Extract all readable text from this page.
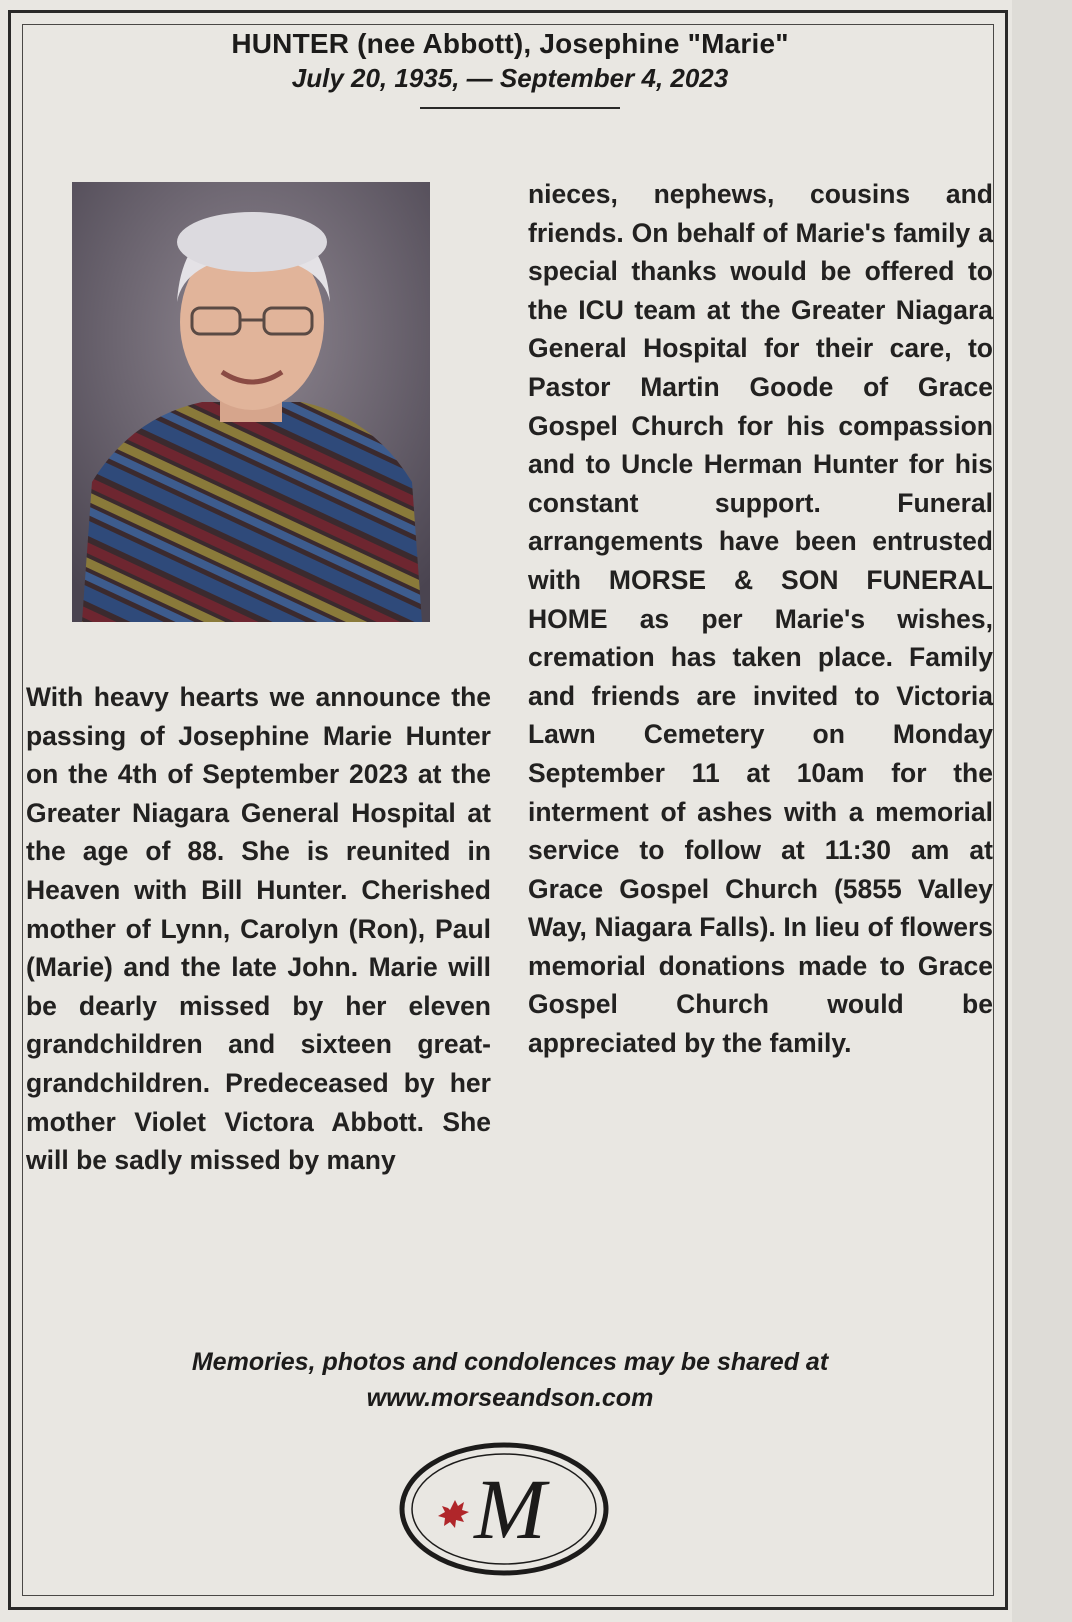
HUNTER (nee Abbott), Josephine "Marie"
July 20, 1935, — September 4, 2023
With heavy hearts we announce the passing of Josephine Marie Hunter on the 4th of September 2023 at the Greater Niagara General Hospital at the age of 88. She is reunited in Heaven with Bill Hunter. Cherished mother of Lynn, Carolyn (Ron), Paul (Marie) and the late John. Marie will be dearly missed by her eleven grandchildren and sixteen great-grandchildren. Predeceased by her mother Violet Victora Abbott. She will be sadly missed by many
nieces, nephews, cousins and friends. On behalf of Marie's family a special thanks would be offered to the ICU team at the Greater Niagara General Hospital for their care, to Pastor Martin Goode of Grace Gospel Church for his compassion and to Uncle Herman Hunter for his constant support. Funeral arrangements have been entrusted with MORSE & SON FUNERAL HOME as per Marie's wishes, cremation has taken place. Family and friends are invited to Victoria Lawn Cemetery on Monday September 11 at 10am for the interment of ashes with a memorial service to follow at 11:30 am at Grace Gospel Church (5855 Valley Way, Niagara Falls). In lieu of flowers memorial donations made to Grace Gospel Church would be appreciated by the family.
Memories, photos and condolences may be shared at
www.morseandson.com
M
